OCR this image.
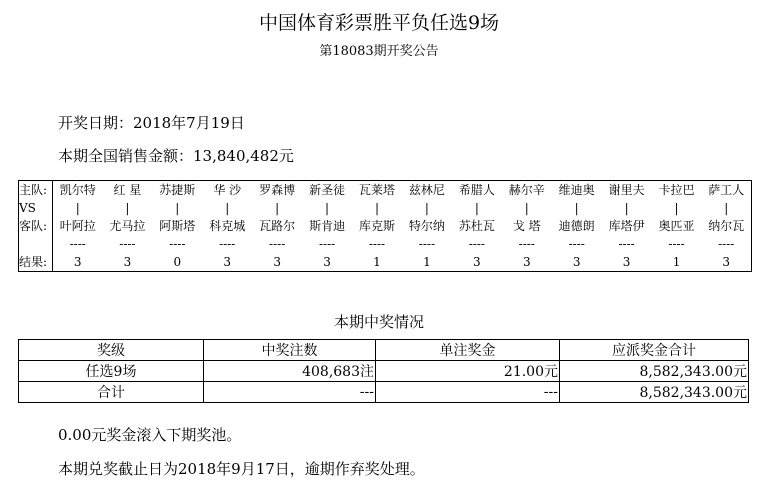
中国体育彩票胜平负任选9场
第18083期开奖公告
开奖日期：2018年7月19日
本期全国销售金额：13,840,482元
主队:	凯尔特	红 星	苏捷斯	华 沙	罗森博	新圣徒	瓦莱塔	兹林尼	希腊人	赫尔辛	维迪奥	谢里夫	卡拉巴	萨工人
VS	|	|	|	|	|	|	|	|	|	|	|	|	|	|
客队:	叶阿拉	尤马拉	阿斯塔	科克城	瓦路尔	斯肯迪	库克斯	特尔纳	苏杜瓦	戈 塔	迪德朗	库塔伊	奥匹亚	纳尔瓦
	----	----	----	----	----	----	----	----	----	----	----	----	----	----
结果:	3	3	0	3	3	3	1	1	3	3	3	3	1	3
本期中奖情况
奖级	中奖注数	单注奖金	应派奖金合计
任选9场	408,683注	21.00元	8,582,343.00元
合计	---	---	8,582,343.00元
0.00元奖金滚入下期奖池。
本期兑奖截止日为2018年9月17日，逾期作弃奖处理。
